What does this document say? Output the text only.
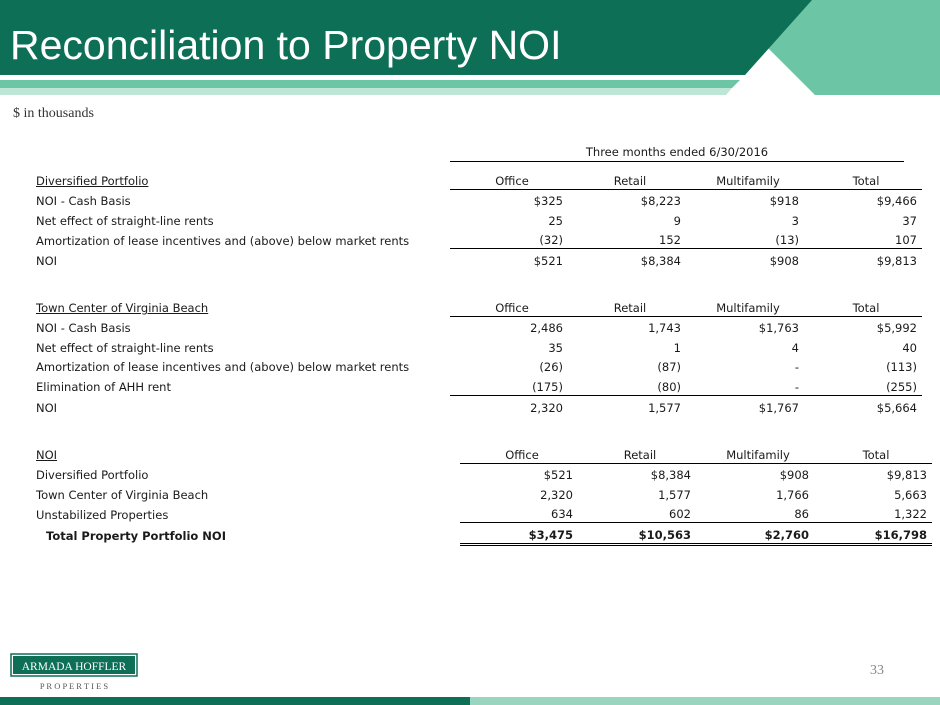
Reconciliation to Property NOI
$ in thousands
Three months ended 6/30/2016
Diversified Portfolio	Office	Retail	Multifamily	Total
NOI - Cash Basis	$325	$8,223	$918	$9,466
Net effect of straight-line rents	25	9	3	37
Amortization of lease incentives and (above) below market rents	(32)	152	(13)	107
NOI	$521	$8,384	$908	$9,813
Town Center of Virginia Beach	Office	Retail	Multifamily	Total
NOI - Cash Basis	2,486	1,743	$1,763	$5,992
Net effect of straight-line rents	35	1	4	40
Amortization of lease incentives and (above) below market rents	(26)	(87)	-	(113)
Elimination of AHH rent	(175)	(80)	-	(255)
NOI	2,320	1,577	$1,767	$5,664
NOI	Office	Retail	Multifamily	Total
Diversified Portfolio	$521	$8,384	$908	$9,813
Town Center of Virginia Beach	2,320	1,577	1,766	5,663
Unstabilized Properties	634	602	86	1,322
Total Property Portfolio NOI	$3,475	$10,563	$2,760	$16,798
ARMADA HOFFLER
P R O P E R T I E S
33
